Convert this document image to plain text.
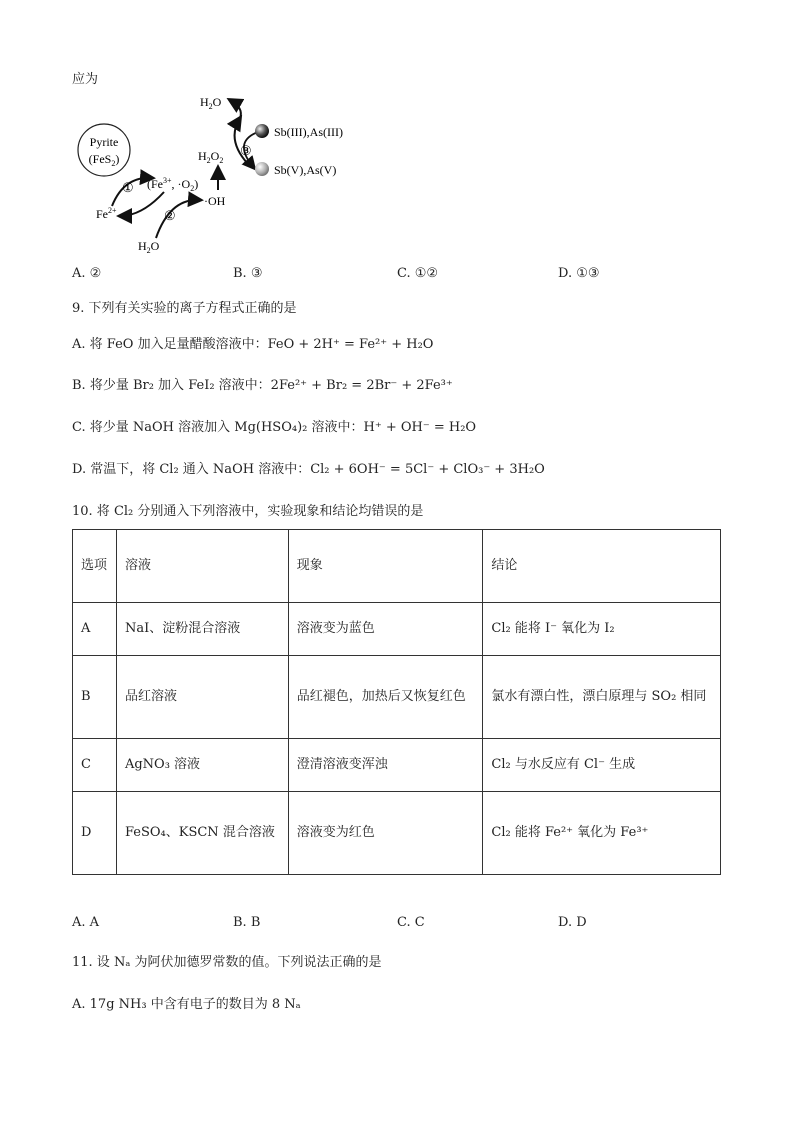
应为
Pyrite
(FeS$_2$)
$Fe^{2+}$
($Fe^{3+}$, $\cdot O_2$)
①
②
$H_2O$
·OH
$H_2O_2$
$H_2O$
③
Sb(III),As(III)
Sb(V),As(V)
A. ②	B. ③	C. ①②	D. ①③
9. 下列有关实验的离子方程式正确的是
A. 将 FeO 加入足量醋酸溶液中：FeO + 2H⁺ = Fe²⁺ + H₂O
B. 将少量 Br₂ 加入 FeI₂ 溶液中：2Fe²⁺ + Br₂ = 2Br⁻ + 2Fe³⁺
C. 将少量 NaOH 溶液加入 Mg(HSO₄)₂ 溶液中：H⁺ + OH⁻ = H₂O
D. 常温下，将 Cl₂ 通入 NaOH 溶液中：Cl₂ + 6OH⁻ = 5Cl⁻ + ClO₃⁻ + 3H₂O
10. 将 Cl₂ 分别通入下列溶液中，实验现象和结论均错误的是
选项	溶液	现象	结论
A	NaI、淀粉混合溶液	溶液变为蓝色	Cl₂ 能将 I⁻ 氧化为 I₂
B	品红溶液	品红褪色，加热后又恢复红色	氯水有漂白性，漂白原理与 SO₂ 相同
C	AgNO₃ 溶液	澄清溶液变浑浊	Cl₂ 与水反应有 Cl⁻ 生成
D	FeSO₄、KSCN 混合溶液	溶液变为红色	Cl₂ 能将 Fe²⁺ 氧化为 Fe³⁺
A. A	B. B	C. C	D. D
11. 设 Nₐ 为阿伏加德罗常数的值。下列说法正确的是
A. 17g NH₃ 中含有电子的数目为 8 Nₐ
